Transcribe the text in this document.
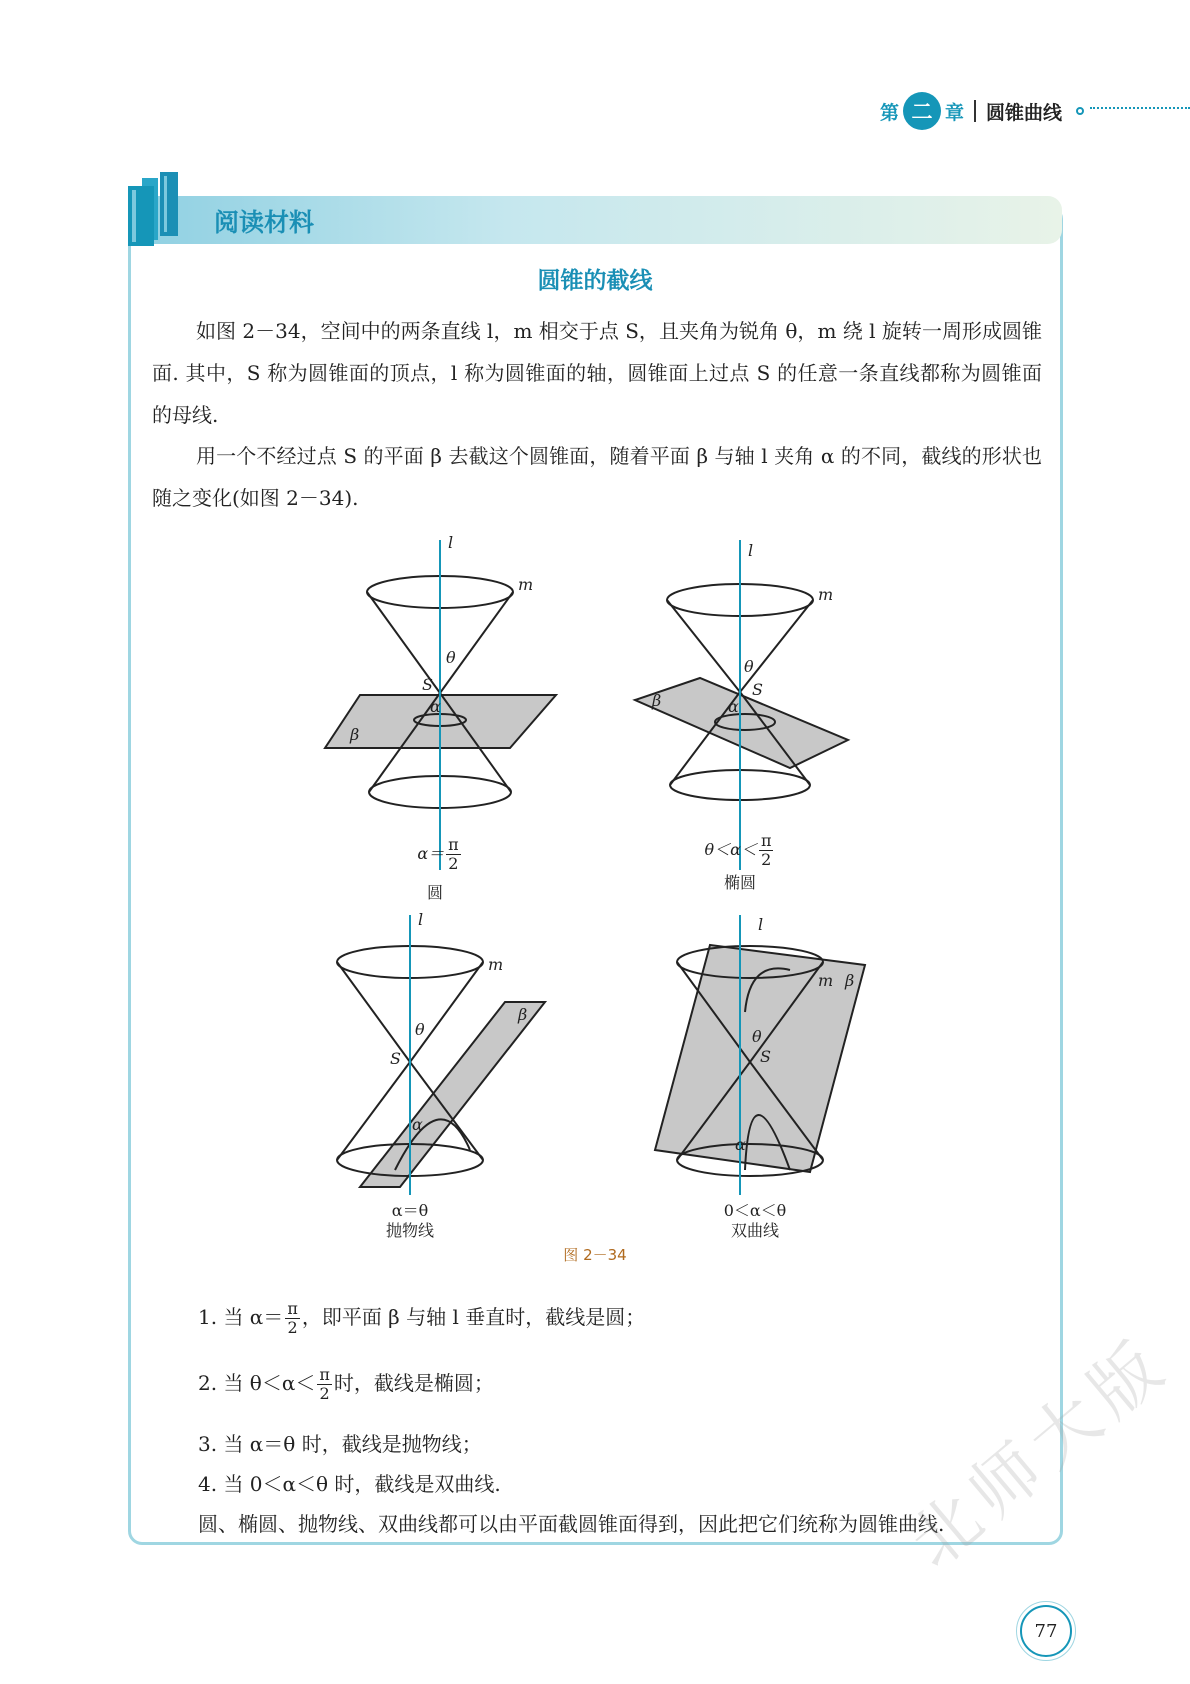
第 二 章 圆锥曲线
阅读材料
圆锥的截线
如图 2－34，空间中的两条直线 l，m 相交于点 S，且夹角为锐角 θ，m 绕 l 旋转一周形成圆锥面. 其中，S 称为圆锥面的顶点，l 称为圆锥面的轴，圆锥面上过点 S 的任意一条直线都称为圆锥面的母线.
用一个不经过点 S 的平面 β 去截这个圆锥面，随着平面 β 与轴 l 夹角 α 的不同，截线的形状也随之变化(如图 2－34).
l
m
S
θ
α
β
l
m
S
θ
α
β
l
m
S
θ
α
β
l
m
S
θ
α
β
$\alpha= \frac{\pi}{2}$
圆
$\theta<\alpha< \frac{\pi}{2}$
椭圆
α＝θ
抛物线
0＜α＜θ
双曲线
图 2－34
1. 当 $\alpha= \frac{\pi}{2}$ ，即平面 β 与轴 l 垂直时，截线是圆；
2. 当 $\theta<\alpha< \frac{\pi}{2}$ 时，截线是椭圆；
3. 当 α＝θ 时，截线是抛物线；
4. 当 0＜α＜θ 时，截线是双曲线.
圆、椭圆、抛物线、双曲线都可以由平面截圆锥面得到，因此把它们统称为圆锥曲线.
77
北师大版
